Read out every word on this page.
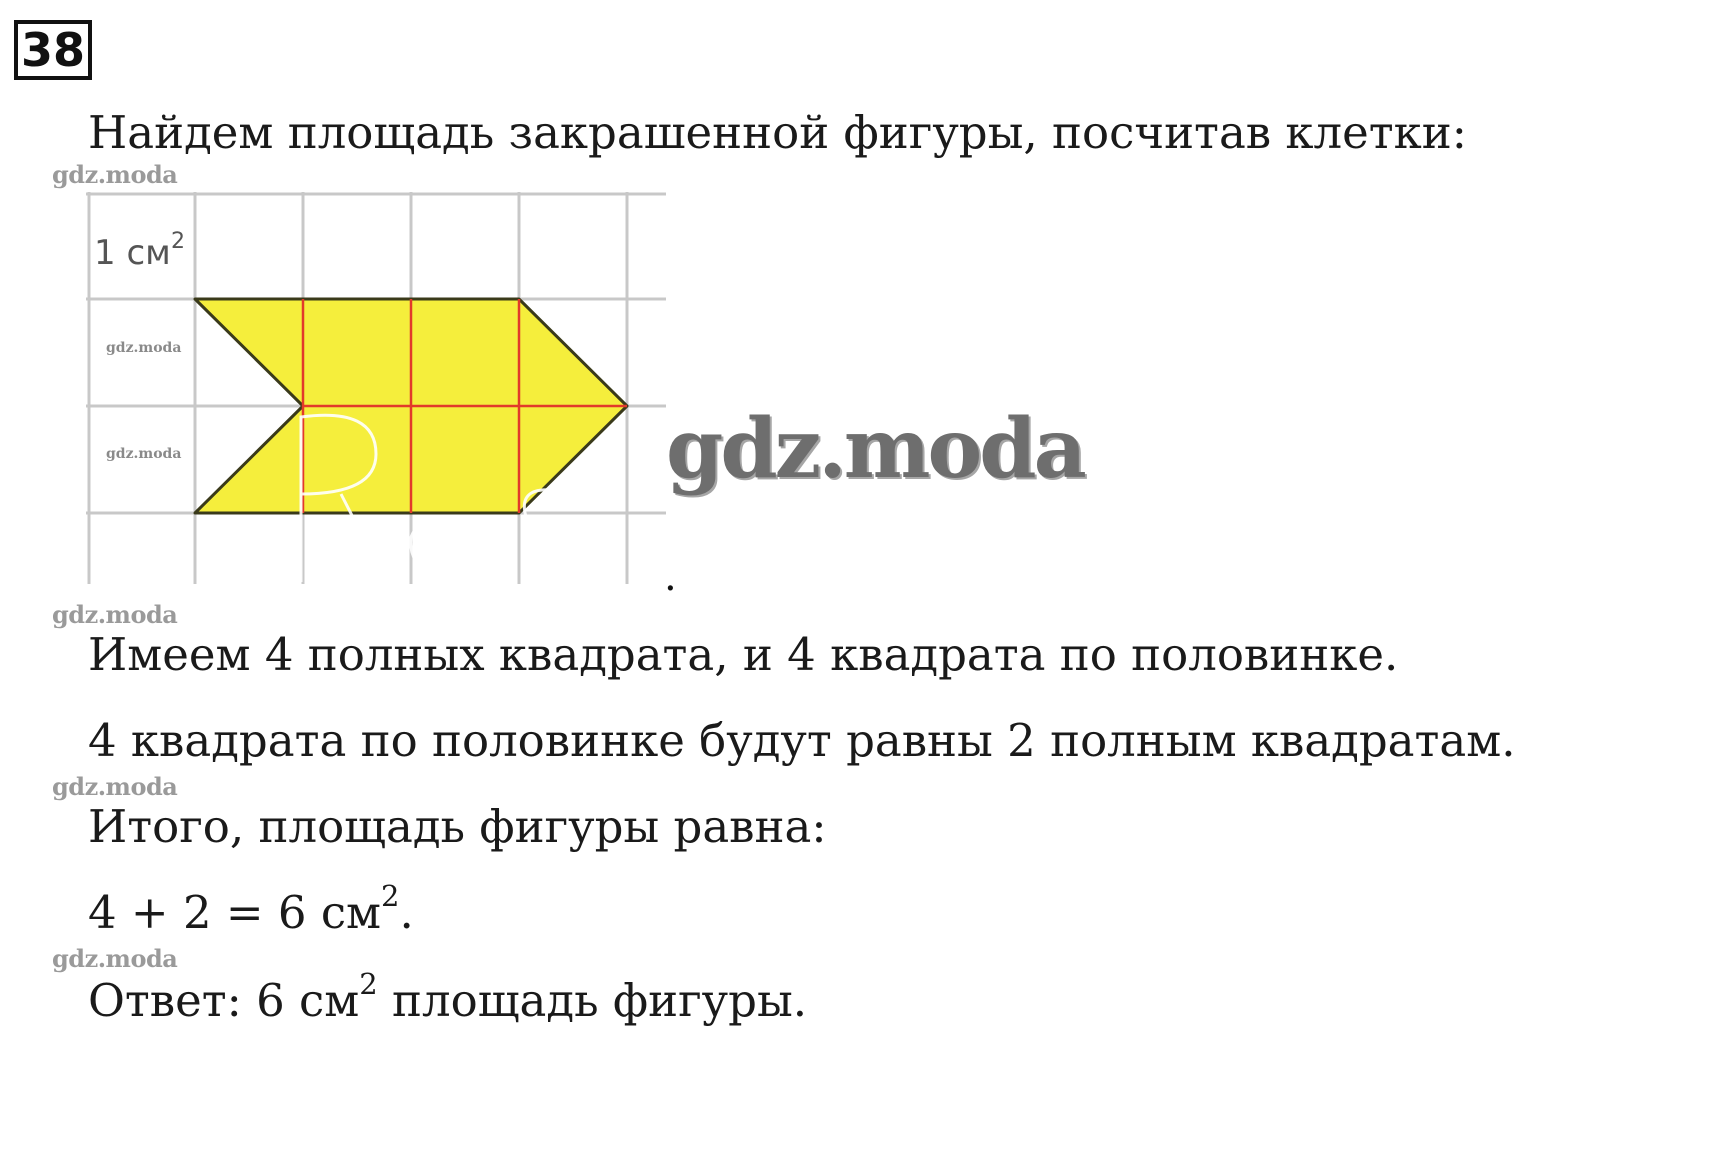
38
Найдем площадь закрашенной фигуры, посчитав клетки:
gdz.moda
1 см 2
gdz.moda
gdz.moda	gdz.moda
.
gdz.moda
Имеем 4 полных квадрата, и 4 квадрата по половинке.
4 квадрата по половинке будут равны 2 полным квадратам.
gdz.moda
Итого, площадь фигуры равна:
4 + 2 = 6 $см^2$.
gdz.moda
Ответ: 6 $см^2$ площадь фигуры.
